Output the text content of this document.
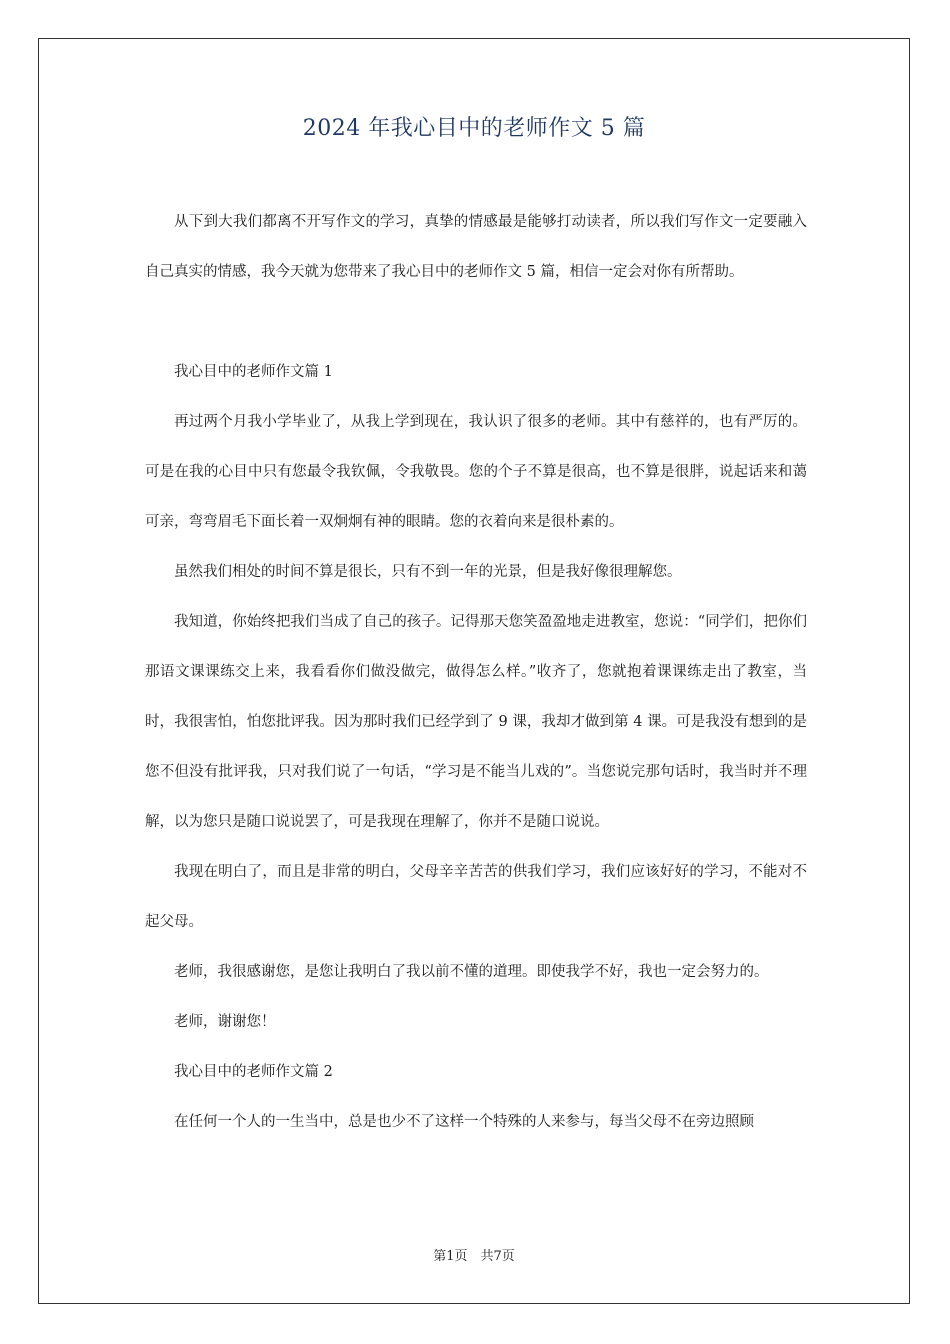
2024 年我心目中的老师作文 5 篇

从下到大我们都离不开写作文的学习，真挚的情感最是能够打动读者，所以我们写作文一定要融入自己真实的情感，我今天就为您带来了我心目中的老师作文 5 篇，相信一定会对你有所帮助。

我心目中的老师作文篇 1

再过两个月我小学毕业了，从我上学到现在，我认识了很多的老师。其中有慈祥的，也有严厉的。可是在我的心目中只有您最令我钦佩，令我敬畏。您的个子不算是很高，也不算是很胖，说起话来和蔼可亲，弯弯眉毛下面长着一双炯炯有神的眼睛。您的衣着向来是很朴素的。

虽然我们相处的时间不算是很长，只有不到一年的光景，但是我好像很理解您。

我知道，你始终把我们当成了自己的孩子。记得那天您笑盈盈地走进教室，您说：“同学们，把你们那语文课课练交上来，我看看你们做没做完，做得怎么样。”收齐了，您就抱着课课练走出了教室，当时，我很害怕，怕您批评我。因为那时我们已经学到了 9 课，我却才做到第 4 课。可是我没有想到的是您不但没有批评我，只对我们说了一句话，“学习是不能当儿戏的”。当您说完那句话时，我当时并不理解，以为您只是随口说说罢了，可是我现在理解了，你并不是随口说说。

我现在明白了，而且是非常的明白，父母辛辛苦苦的供我们学习，我们应该好好的学习，不能对不起父母。

老师，我很感谢您，是您让我明白了我以前不懂的道理。即使我学不好，我也一定会努力的。

老师，谢谢您！

我心目中的老师作文篇 2

在任何一个人的一生当中，总是也少不了这样一个特殊的人来参与，每当父母不在旁边照顾

第1页　共7页
